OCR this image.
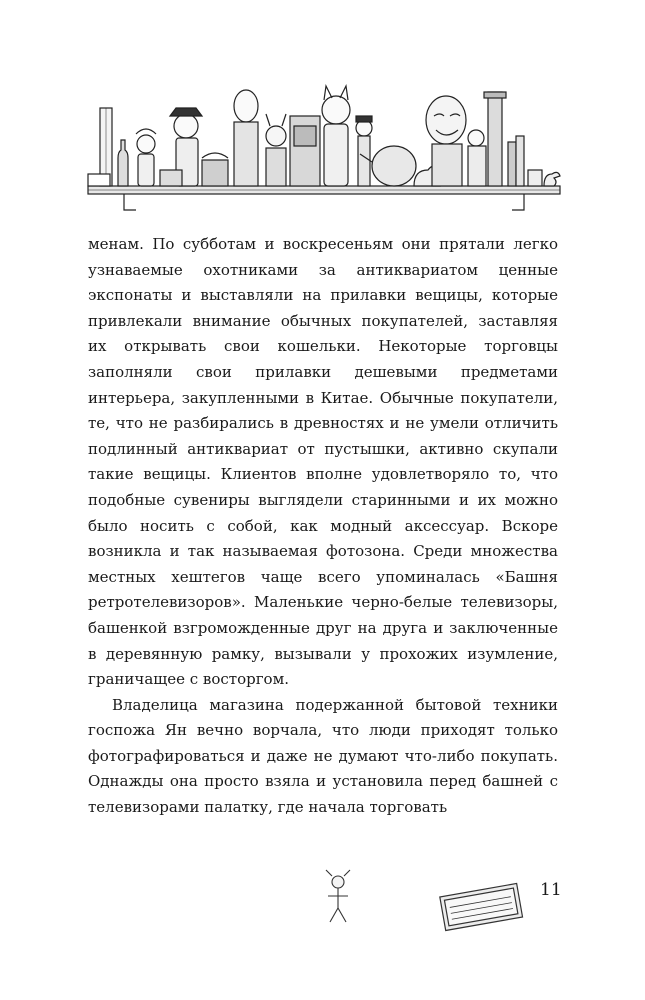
менам. По субботам и воскресеньям они прятали легко узнаваемые охотниками за антиквариатом ценные экспонаты и выставляли на прилавки вещицы, которые привлекали внимание обычных покупателей, заставляя их открывать свои кошельки. Некоторые торговцы заполняли свои прилавки дешевыми предметами интерьера, закупленными в Китае. Обычные покупатели, те, что не разбирались в древностях и не умели отличить подлинный антиквариат от пустышки, активно скупали такие вещицы. Клиентов вполне удовлетворяло то, что подобные сувениры выглядели старинными и их можно было носить с собой, как модный аксессуар. Вскоре возникла и так называемая фотозона. Среди множества местных хештегов чаще всего упоминалась «Башня ретротелевизоров». Маленькие черно-белые телевизоры, башенкой взгроможденные друг на друга и заключенные в деревянную рамку, вызывали у прохожих изумление, граничащее с восторгом.

Владелица магазина подержанной бытовой техники госпожа Ян вечно ворчала, что люди приходят только фотографироваться и даже не думают что-либо покупать. Однажды она просто взяла и установила перед башней с телевизорами палатку, где начала торговать

11
